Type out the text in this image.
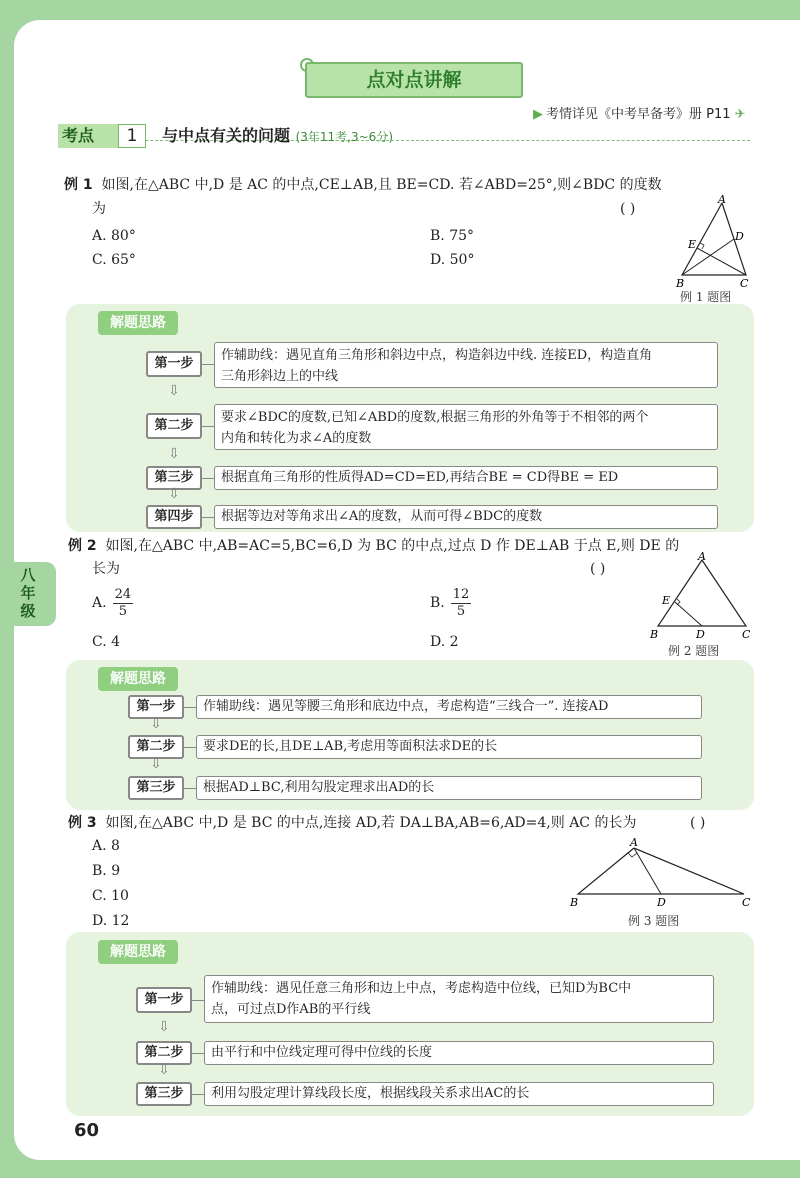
点对点讲解
▶ 考情详见《中考早备考》册 P11 ✈
考点	1	与中点有关的问题 (3年11考,3~6分)
八
年
级
例 1 如图,在△ABC 中,D 是 AC 的中点,CE⊥AB,且 BE=CD. 若∠ABD=25°,则∠BDC 的度数
为	( )
A. 80°	B. 75°
C. 65°	D. 50°
A
E
D
B	C
例 1 题图
解题思路
第一步
作辅助线：遇见直角三角形和斜边中点，构造斜边中线. 连接ED，构造直角
三角形斜边上的中线
⇩
第二步
要求∠BDC的度数,已知∠ABD的度数,根据三角形的外角等于不相邻的两个
内角和转化为求∠A的度数
⇩
第三步	根据直角三角形的性质得AD=CD=ED,再结合BE = CD得BE = ED
⇩
第四步	根据等边对等角求出∠A的度数，从而可得∠BDC的度数
例 2 如图,在△ABC 中,AB=AC=5,BC=6,D 为 BC 的中点,过点 D 作 DE⊥AB 于点 E,则 DE 的
长为	( )
A. $\frac{24}{5}$	B. $\frac{12}{5}$
C. 4	D. 2
A
E
B	D	C
例 2 题图
解题思路
第一步	作辅助线：遇见等腰三角形和底边中点，考虑构造“三线合一”. 连接AD
⇩
第二步	要求DE的长,且DE⊥AB,考虑用等面积法求DE的长
⇩
第三步	根据AD⊥BC,利用勾股定理求出AD的长
例 3 如图,在△ABC 中,D 是 BC 的中点,连接 AD,若 DA⊥BA,AB=6,AD=4,则 AC 的长为	( )
A. 8
B. 9
C. 10
D. 12
A
B	D	C
例 3 题图
解题思路
第一步
作辅助线：遇见任意三角形和边上中点，考虑构造中位线，已知D为BC中
点，可过点D作AB的平行线
⇩
第二步	由平行和中位线定理可得中位线的长度
⇩
第三步	利用勾股定理计算线段长度，根据线段关系求出AC的长
60
